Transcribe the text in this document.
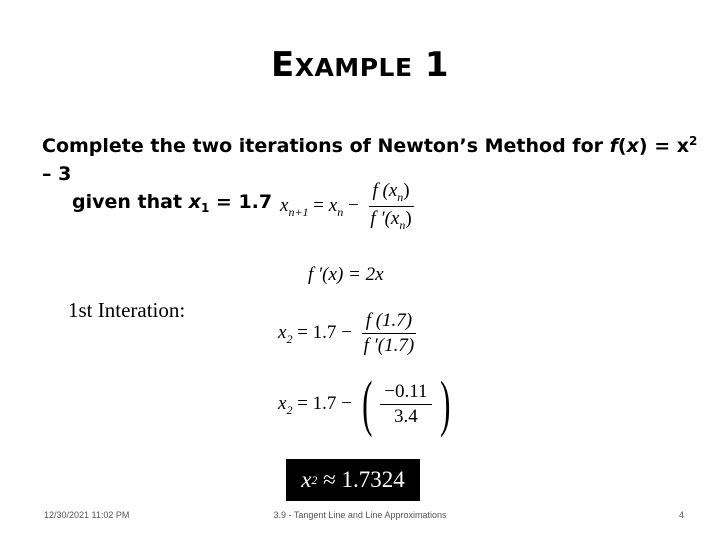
EXAMPLE 1
Complete the two iterations of Newton’s Method for $f(x) = x^2 - 3$
given that $x_1 = 1.7$ $x_{n+1} = x_n - \frac{f (x_n)}{f '(x_n)}$
f ′(x) = 2x
1st Interation:
$x_2 = 1.7 - \frac{f (1.7)}{f '(1.7)}$
$x_2 = 1.7$ − ( $\frac{-0.11}{3.4}$ )
x 2
≈ 1.7324
12/30/2021 11:02 PM	3.9 - Tangent Line and Line Approximations	4
